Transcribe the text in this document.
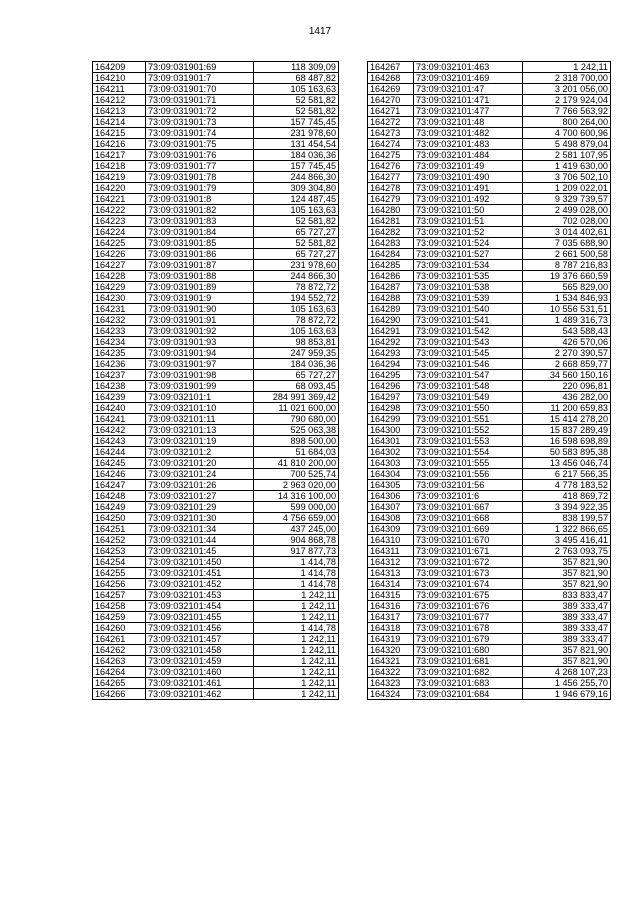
1417
164209	73:09:031901:69	118 309,09
164210	73:09:031901:7	68 487,82
164211	73:09:031901:70	105 163,63
164212	73:09:031901:71	52 581,82
164213	73:09:031901:72	52 581,82
164214	73:09:031901:73	157 745,45
164215	73:09:031901:74	231 978,60
164216	73:09:031901:75	131 454,54
164217	73:09:031901:76	184 036,36
164218	73:09:031901:77	157 745,45
164219	73:09:031901:78	244 866,30
164220	73:09:031901:79	309 304,80
164221	73:09:031901:8	124 487,45
164222	73:09:031901:82	105 163,63
164223	73:09:031901:83	52 581,82
164224	73:09:031901:84	65 727,27
164225	73:09:031901:85	52 581,82
164226	73:09:031901:86	65 727,27
164227	73:09:031901:87	231 978,60
164228	73:09:031901:88	244 866,30
164229	73:09:031901:89	78 872,72
164230	73:09:031901:9	194 552,72
164231	73:09:031901:90	105 163,63
164232	73:09:031901:91	78 872,72
164233	73:09:031901:92	105 163,63
164234	73:09:031901:93	98 853,81
164235	73:09:031901:94	247 959,35
164236	73:09:031901:97	184 036,36
164237	73:09:031901:98	65 727,27
164238	73:09:031901:99	68 093,45
164239	73:09:032101:1	284 991 369,42
164240	73:09:032101:10	11 021 600,00
164241	73:09:032101:11	790 680,00
164242	73:09:032101:13	525 063,38
164243	73:09:032101:19	898 500,00
164244	73:09:032101:2	51 684,03
164245	73:09:032101:20	41 810 200,00
164246	73:09:032101:24	700 525,74
164247	73:09:032101:26	2 963 020,00
164248	73:09:032101:27	14 316 100,00
164249	73:09:032101:29	599 000,00
164250	73:09:032101:30	4 756 659,00
164251	73:09:032101:34	437 245,00
164252	73:09:032101:44	904 868,78
164253	73:09:032101:45	917 877,73
164254	73:09:032101:450	1 414,78
164255	73:09:032101:451	1 414,78
164256	73:09:032101:452	1 414,78
164257	73:09:032101:453	1 242,11
164258	73:09:032101:454	1 242,11
164259	73:09:032101:455	1 242,11
164260	73:09:032101:456	1 414,78
164261	73:09:032101:457	1 242,11
164262	73:09:032101:458	1 242,11
164263	73:09:032101:459	1 242,11
164264	73:09:032101:460	1 242,11
164265	73:09:032101:461	1 242,11
164266	73:09:032101:462	1 242,11
164267	73:09:032101:463	1 242,11
164268	73:09:032101:469	2 318 700,00
164269	73:09:032101:47	3 201 056,00
164270	73:09:032101:471	2 179 924,04
164271	73:09:032101:477	7 766 563,92
164272	73:09:032101:48	800 264,00
164273	73:09:032101:482	4 700 600,96
164274	73:09:032101:483	5 498 879,04
164275	73:09:032101:484	2 581 107,95
164276	73:09:032101:49	1 419 630,00
164277	73:09:032101:490	3 706 502,10
164278	73:09:032101:491	1 209 022,01
164279	73:09:032101:492	9 329 739,57
164280	73:09:032101:50	2 499 028,00
164281	73:09:032101:51	702 028,00
164282	73:09:032101:52	3 014 402,61
164283	73:09:032101:524	7 035 688,90
164284	73:09:032101:527	2 661 500,58
164285	73:09:032101:534	8 787 216,83
164286	73:09:032101:535	19 376 660,59
164287	73:09:032101:538	565 829,00
164288	73:09:032101:539	1 534 846,93
164289	73:09:032101:540	10 556 531,51
164290	73:09:032101:541	1 489 316,73
164291	73:09:032101:542	543 588,43
164292	73:09:032101:543	426 570,06
164293	73:09:032101:545	2 270 390,57
164294	73:09:032101:546	2 668 859,77
164295	73:09:032101:547	34 560 150,16
164296	73:09:032101:548	220 096,81
164297	73:09:032101:549	436 282,00
164298	73:09:032101:550	11 200 659,83
164299	73:09:032101:551	15 414 278,20
164300	73:09:032101:552	15 837 289,49
164301	73:09:032101:553	16 598 698,89
164302	73:09:032101:554	50 583 895,38
164303	73:09:032101:555	13 456 046,74
164304	73:09:032101:556	6 217 566,35
164305	73:09:032101:56	4 778 183,52
164306	73:09:032101:6	418 869,72
164307	73:09:032101:667	3 394 922,35
164308	73:09:032101:668	838 199,57
164309	73:09:032101:669	1 322 866,65
164310	73:09:032101:670	3 495 416,41
164311	73:09:032101:671	2 763 093,75
164312	73:09:032101:672	357 821,90
164313	73:09:032101:673	357 821,90
164314	73:09:032101:674	357 821,90
164315	73:09:032101:675	833 833,47
164316	73:09:032101:676	389 333,47
164317	73:09:032101:677	389 333,47
164318	73:09:032101:678	389 333,47
164319	73:09:032101:679	389 333,47
164320	73:09:032101:680	357 821,90
164321	73:09:032101:681	357 821,90
164322	73:09:032101:682	4 268 107,23
164323	73:09:032101:683	1 456 255,70
164324	73:09:032101:684	1 946 679,16
